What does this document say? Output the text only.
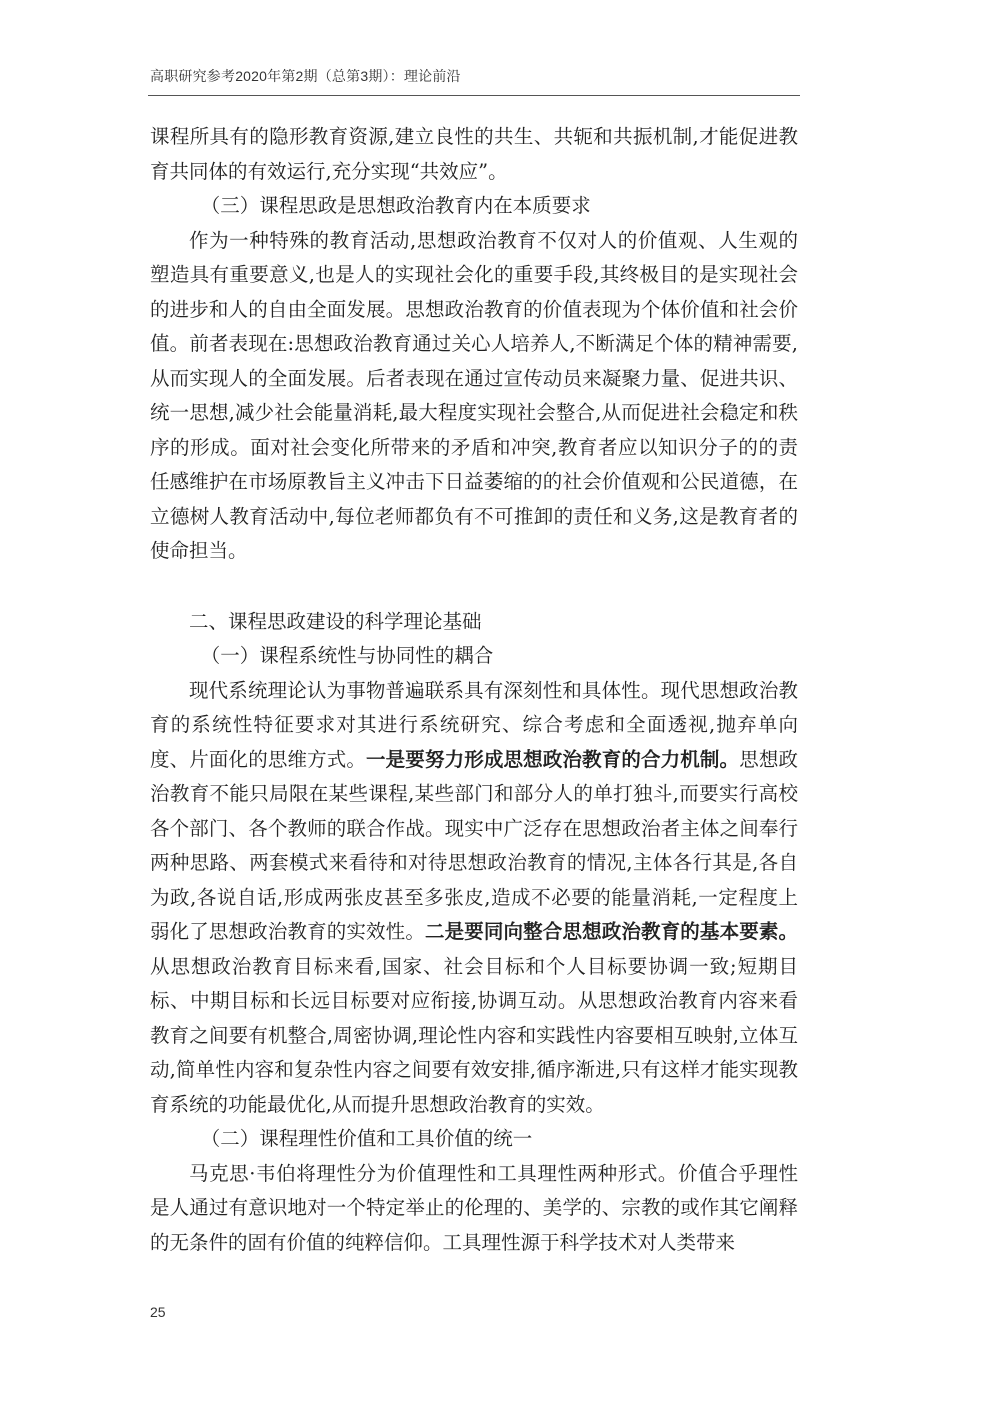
高职研究参考2020年第2期（总第3期）：理论前沿

课程所具有的隐形教育资源,建立良性的共生、共轭和共振机制,才能促进教育共同体的有效运行,充分实现“共效应”。

（三）课程思政是思想政治教育内在本质要求

作为一种特殊的教育活动,思想政治教育不仅对人的价值观、人生观的塑造具有重要意义,也是人的实现社会化的重要手段,其终极目的是实现社会的进步和人的自由全面发展。思想政治教育的价值表现为个体价值和社会价值。前者表现在:思想政治教育通过关心人培养人,不断满足个体的精神需要,从而实现人的全面发展。后者表现在通过宣传动员来凝聚力量、促进共识、统一思想,减少社会能量消耗,最大程度实现社会整合,从而促进社会稳定和秩序的形成。面对社会变化所带来的矛盾和冲突,教育者应以知识分子的的责任感维护在市场原教旨主义冲击下日益萎缩的的社会价值观和公民道德，在立德树人教育活动中,每位老师都负有不可推卸的责任和义务,这是教育者的使命担当。

二、课程思政建设的科学理论基础

（一）课程系统性与协同性的耦合

现代系统理论认为事物普遍联系具有深刻性和具体性。现代思想政治教育的系统性特征要求对其进行系统研究、综合考虑和全面透视,抛弃单向度、片面化的思维方式。一是要努力形成思想政治教育的合力机制。思想政治教育不能只局限在某些课程,某些部门和部分人的单打独斗,而要实行高校各个部门、各个教师的联合作战。现实中广泛存在思想政治者主体之间奉行两种思路、两套模式来看待和对待思想政治教育的情况,主体各行其是,各自为政,各说自话,形成两张皮甚至多张皮,造成不必要的能量消耗,一定程度上弱化了思想政治教育的实效性。二是要同向整合思想政治教育的基本要素。从思想政治教育目标来看,国家、社会目标和个人目标要协调一致;短期目标、中期目标和长远目标要对应衔接,协调互动。从思想政治教育内容来看教育之间要有机整合,周密协调,理论性内容和实践性内容要相互映射,立体互动,简单性内容和复杂性内容之间要有效安排,循序渐进,只有这样才能实现教育系统的功能最优化,从而提升思想政治教育的实效。

（二）课程理性价值和工具价值的统一

马克思·韦伯将理性分为价值理性和工具理性两种形式。价值合乎理性是人通过有意识地对一个特定举止的伦理的、美学的、宗教的或作其它阐释的无条件的固有价值的纯粹信仰。工具理性源于科学技术对人类带来

25
